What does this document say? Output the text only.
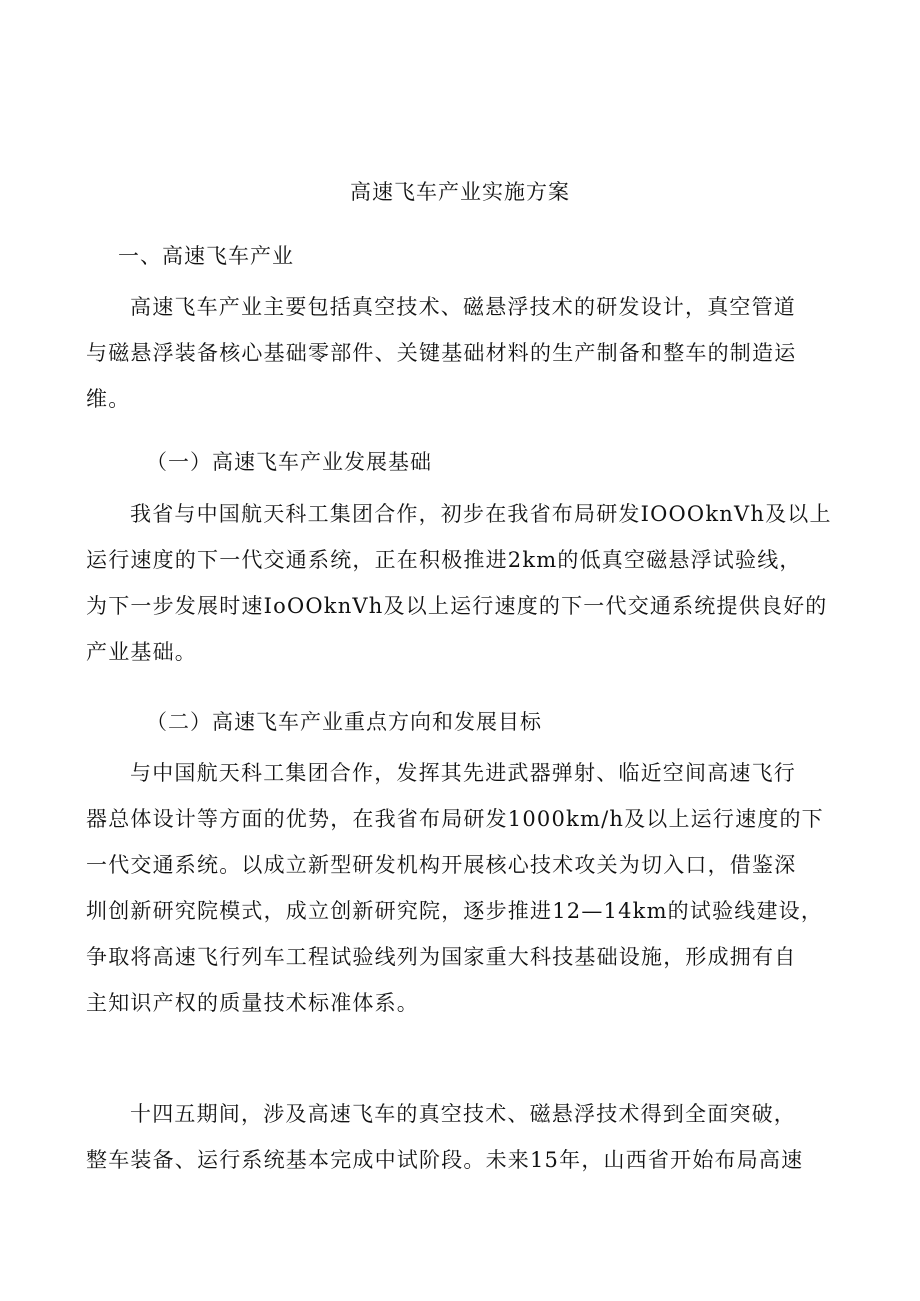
高速飞车产业实施方案
一、高速飞车产业
高速飞车产业主要包括真空技术、磁悬浮技术的研发设计，真空管道
与磁悬浮装备核心基础零部件、关键基础材料的生产制备和整车的制造运
维。
（一）高速飞车产业发展基础
我省与中国航天科工集团合作，初步在我省布局研发IOOOknVh及以上
运行速度的下一代交通系统，正在积极推进2km的低真空磁悬浮试验线，
为下一步发展时速IoOOknVh及以上运行速度的下一代交通系统提供良好的
产业基础。
（二）高速飞车产业重点方向和发展目标
与中国航天科工集团合作，发挥其先进武器弹射、临近空间高速飞行
器总体设计等方面的优势，在我省布局研发1000km/h及以上运行速度的下
一代交通系统。以成立新型研发机构开展核心技术攻关为切入口，借鉴深
圳创新研究院模式，成立创新研究院，逐步推进12—14km的试验线建设，
争取将高速飞行列车工程试验线列为国家重大科技基础设施，形成拥有自
主知识产权的质量技术标准体系。
十四五期间，涉及高速飞车的真空技术、磁悬浮技术得到全面突破，
整车装备、运行系统基本完成中试阶段。未来15年，山西省开始布局高速
